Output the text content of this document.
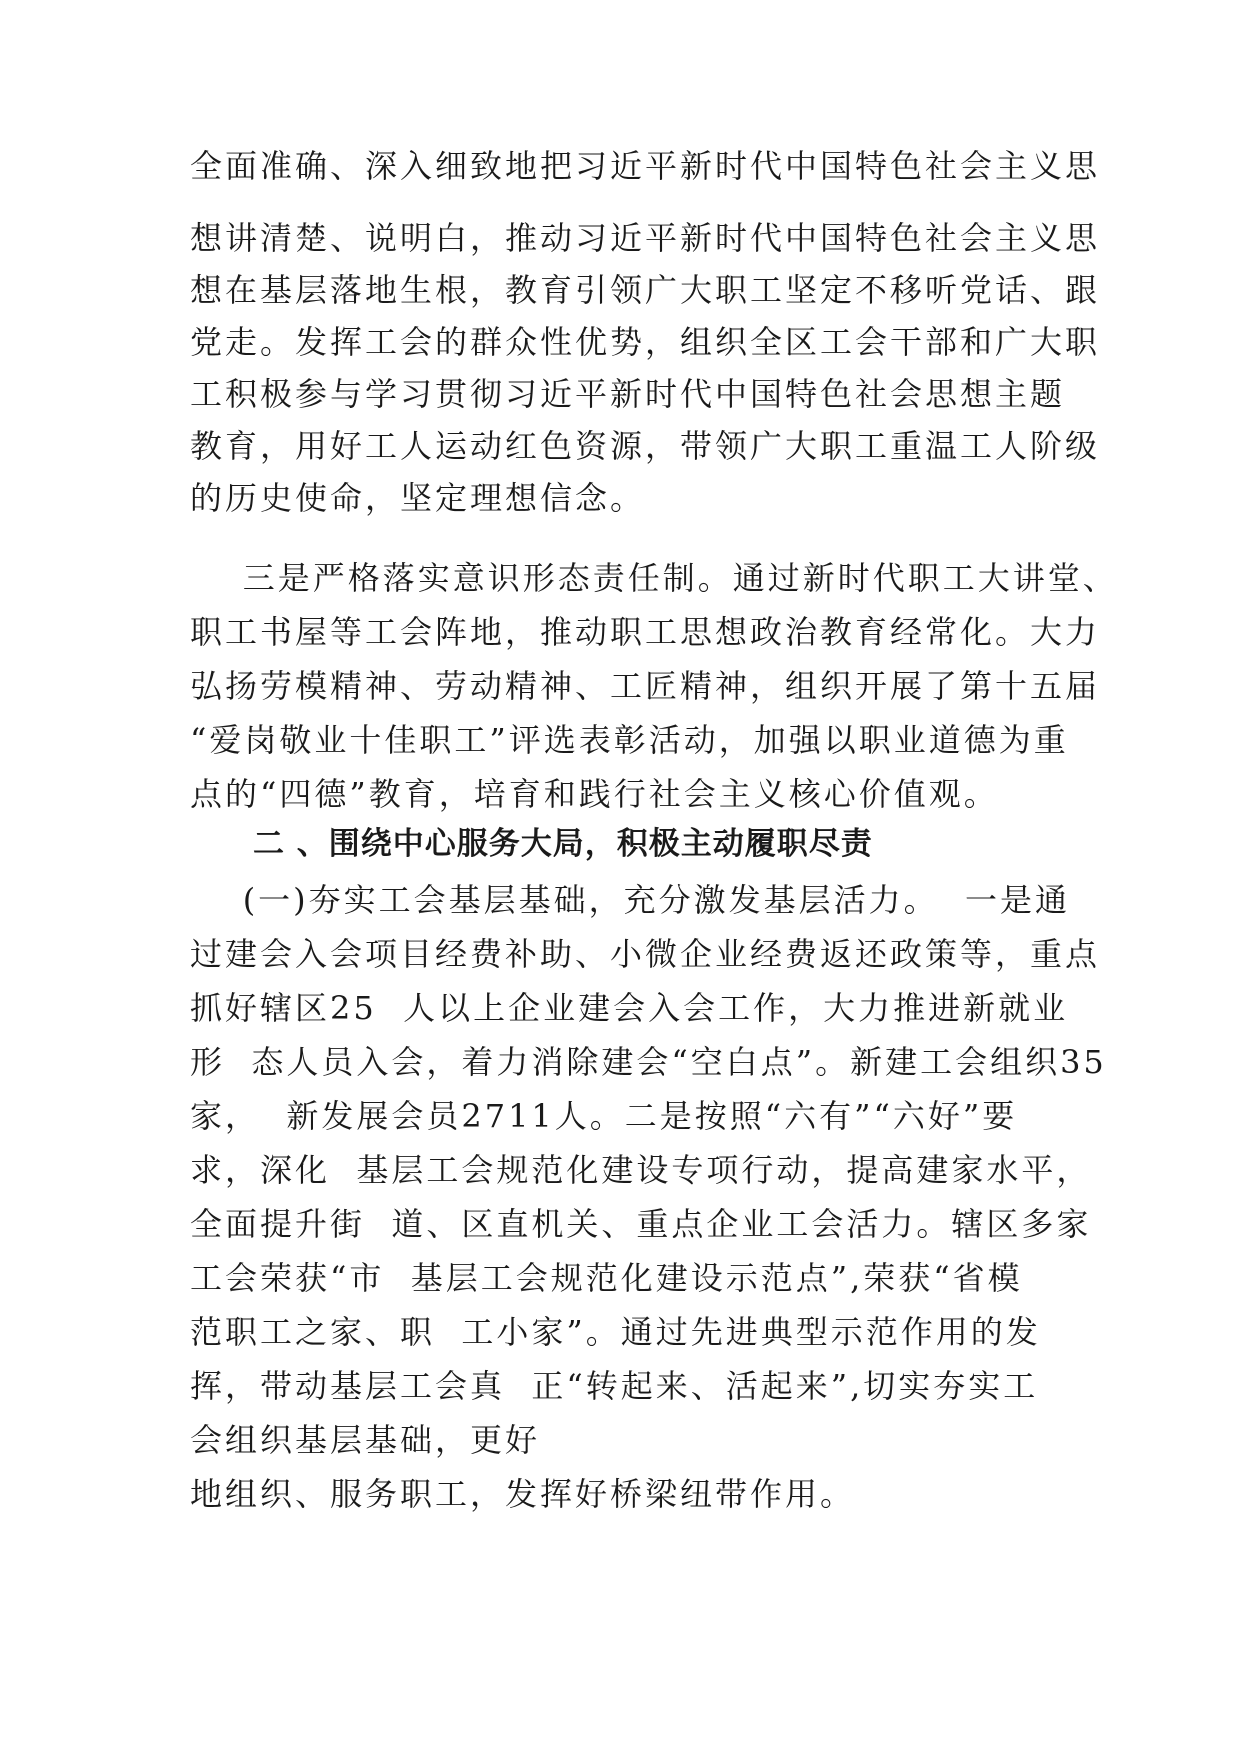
全面准确、深入细致地把习近平新时代中国特色社会主义思
想讲清楚、说明白，推动习近平新时代中国特色社会主义思
想在基层落地生根，教育引领广大职工坚定不移听党话、跟
党走。发挥工会的群众性优势，组织全区工会干部和广大职
工积极参与学习贯彻习近平新时代中国特色社会思想主题
教育，用好工人运动红色资源，带领广大职工重温工人阶级
的历史使命，坚定理想信念。
三是严格落实意识形态责任制。通过新时代职工大讲堂、
职工书屋等工会阵地，推动职工思想政治教育经常化。大力
弘扬劳模精神、劳动精神、工匠精神，组织开展了第十五届
“爱岗敬业十佳职工”评选表彰活动，加强以职业道德为重
点的“四德”教育，培育和践行社会主义核心价值观。
二 、围绕中心服务大局，积极主动履职尽责
(一)夯实工会基层基础，充分激发基层活力。  一是通
过建会入会项目经费补助、小微企业经费返还政策等，重点
抓好辖区25  人以上企业建会入会工作，大力推进新就业
形  态人员入会，着力消除建会“空白点”。新建工会组织35
家，  新发展会员2711人。二是按照“六有”“六好”要
求，深化  基层工会规范化建设专项行动，提高建家水平，
全面提升街  道、区直机关、重点企业工会活力。辖区多家
工会荣获“市  基层工会规范化建设示范点”,荣获“省模
范职工之家、职  工小家”。通过先进典型示范作用的发
挥，带动基层工会真  正“转起来、活起来”,切实夯实工
会组织基层基础，更好
地组织、服务职工，发挥好桥梁纽带作用。
